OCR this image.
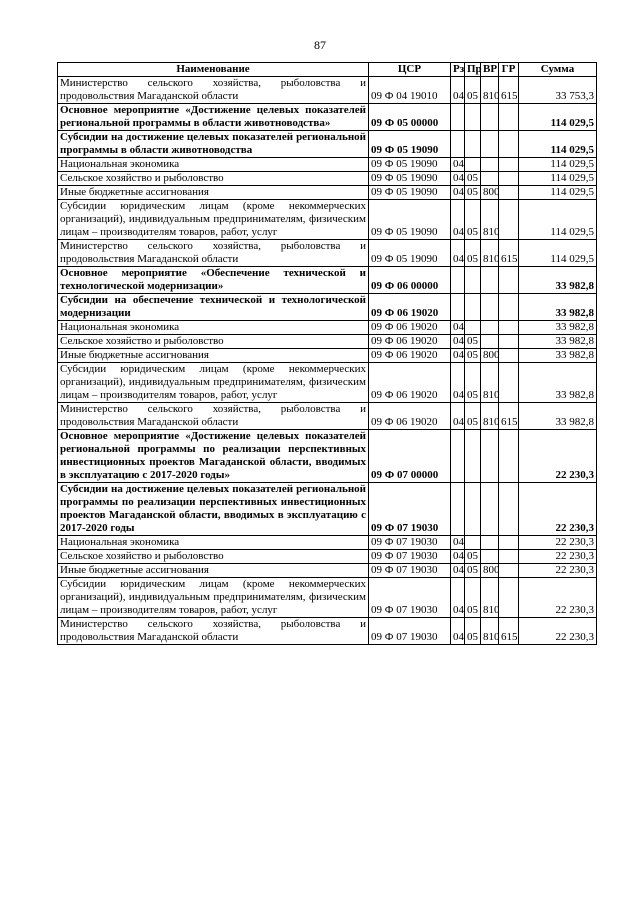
87
Наименование	ЦСР	Рз	Пр	ВР	ГР	Сумма
Министерство сельского хозяйства, рыболовства и продовольствия Магаданской области	09 Ф 04 19010	04	05	810	615	33 753,3
Основное мероприятие «Достижение целевых показателей региональной программы в области животноводства»	09 Ф 05 00000					114 029,5
Субсидии на достижение целевых показателей региональной программы в области животноводства	09 Ф 05 19090					114 029,5
Национальная экономика	09 Ф 05 19090	04				114 029,5
Сельское хозяйство и рыболовство	09 Ф 05 19090	04	05			114 029,5
Иные бюджетные ассигнования	09 Ф 05 19090	04	05	800		114 029,5
Субсидии юридическим лицам (кроме некоммерческих организаций), индивидуальным предпринимателям, физическим лицам – производителям товаров, работ, услуг	09 Ф 05 19090	04	05	810		114 029,5
Министерство сельского хозяйства, рыболовства и продовольствия Магаданской области	09 Ф 05 19090	04	05	810	615	114 029,5
Основное мероприятие «Обеспечение технической и технологической модернизации»	09 Ф 06 00000					33 982,8
Субсидии на обеспечение технической и технологической модернизации	09 Ф 06 19020					33 982,8
Национальная экономика	09 Ф 06 19020	04				33 982,8
Сельское хозяйство и рыболовство	09 Ф 06 19020	04	05			33 982,8
Иные бюджетные ассигнования	09 Ф 06 19020	04	05	800		33 982,8
Субсидии юридическим лицам (кроме некоммерческих организаций), индивидуальным предпринимателям, физическим лицам – производителям товаров, работ, услуг	09 Ф 06 19020	04	05	810		33 982,8
Министерство сельского хозяйства, рыболовства и продовольствия Магаданской области	09 Ф 06 19020	04	05	810	615	33 982,8
Основное мероприятие «Достижение целевых показателей региональной программы по реализации перспективных инвестиционных проектов Магаданской области, вводимых в эксплуатацию с 2017-2020 годы»	09 Ф 07 00000					22 230,3
Субсидии на достижение целевых показателей региональной программы по реализации перспективных инвестиционных проектов Магаданской области, вводимых в эксплуатацию с 2017-2020 годы	09 Ф 07 19030					22 230,3
Национальная экономика	09 Ф 07 19030	04				22 230,3
Сельское хозяйство и рыболовство	09 Ф 07 19030	04	05			22 230,3
Иные бюджетные ассигнования	09 Ф 07 19030	04	05	800		22 230,3
Субсидии юридическим лицам (кроме некоммерческих организаций), индивидуальным предпринимателям, физическим лицам – производителям товаров, работ, услуг	09 Ф 07 19030	04	05	810		22 230,3
Министерство сельского хозяйства, рыболовства и продовольствия Магаданской области	09 Ф 07 19030	04	05	810	615	22 230,3
